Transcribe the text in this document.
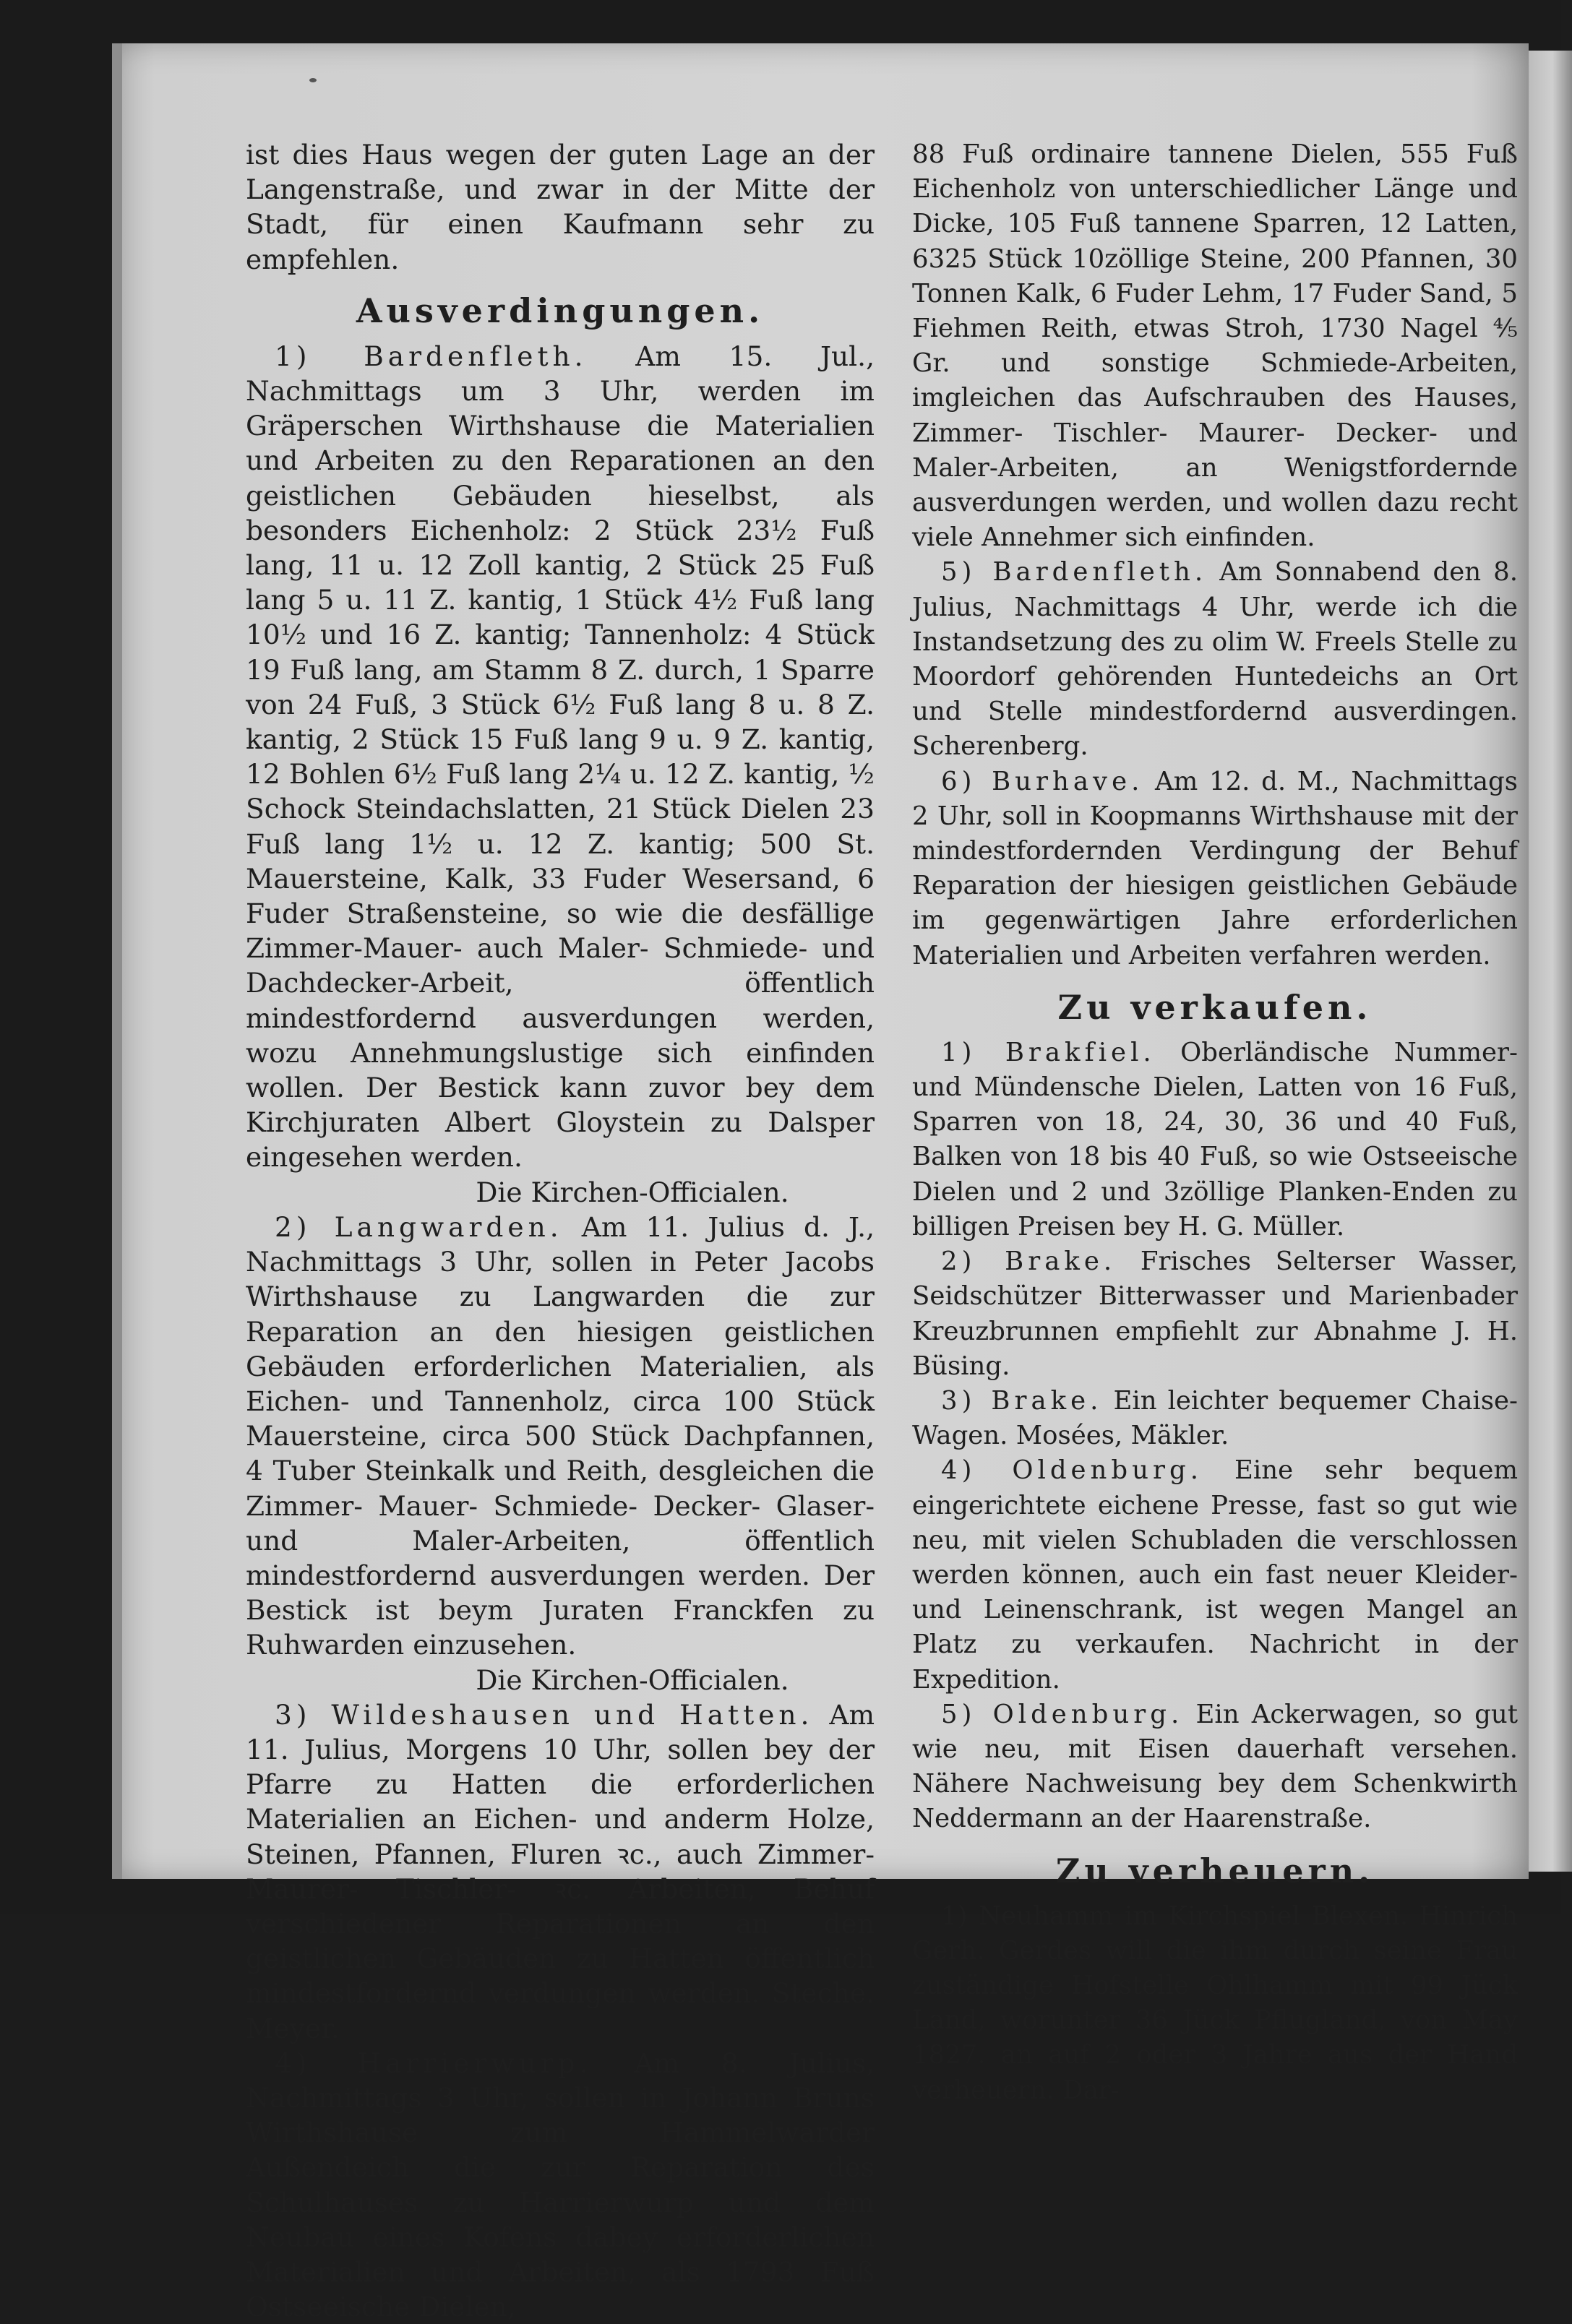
ist dies Haus wegen der guten Lage an der Langenstraße, und zwar in der Mitte der Stadt, für einen Kaufmann sehr zu empfehlen.

Ausverdingungen.

1) Bardenfleth. Am 15. Jul., Nachmittags um 3 Uhr, werden im Gräperschen Wirthshause die Materialien und Arbeiten zu den Reparationen an den geistlichen Gebäuden hieselbst, als besonders Eichenholz: 2 Stück 23½ Fuß lang, 11 u. 12 Zoll kantig, 2 Stück 25 Fuß lang 5 u. 11 Z. kantig, 1 Stück 4½ Fuß lang 10½ und 16 Z. kantig; Tannenholz: 4 Stück 19 Fuß lang, am Stamm 8 Z. durch, 1 Sparre von 24 Fuß, 3 Stück 6½ Fuß lang 8 u. 8 Z. kantig, 2 Stück 15 Fuß lang 9 u. 9 Z. kantig, 12 Bohlen 6½ Fuß lang 2¼ u. 12 Z. kantig, ½ Schock Steindachslatten, 21 Stück Dielen 23 Fuß lang 1½ u. 12 Z. kantig; 500 St. Mauersteine, Kalk, 33 Fuder Wesersand, 6 Fuder Straßensteine, so wie die desfällige Zimmer-Mauer- auch Maler- Schmiede- und Dachdecker-Arbeit, öffentlich mindestfordernd ausverdungen werden, wozu Annehmungslustige sich einfinden wollen. Der Bestick kann zuvor bey dem Kirchjuraten Albert Gloystein zu Dalsper eingesehen werden.

Die Kirchen-Officialen.

2) Langwarden. Am 11. Julius d. J., Nachmittags 3 Uhr, sollen in Peter Jacobs Wirthshause zu Langwarden die zur Reparation an den hiesigen geistlichen Gebäuden erforderlichen Materialien, als Eichen- und Tannenholz, circa 100 Stück Mauersteine, circa 500 Stück Dachpfannen, 4 Tuber Steinkalk und Reith, desgleichen die Zimmer- Mauer- Schmiede- Decker- Glaser- und Maler-Arbeiten, öffentlich mindestfordernd ausverdungen werden. Der Bestick ist beym Juraten Franckfen zu Ruhwarden einzusehen.

Die Kirchen-Officialen.

3) Wildeshausen und Hatten. Am 11. Julius, Morgens 10 Uhr, sollen bey der Pfarre zu Hatten die erforderlichen Materialien an Eichen- und anderm Holze, Steinen, Pfannen, Fluren ꝛc., auch Zimmer- Maurer- Tischler- ꝛc. Arbeiten, Behuf verschiedener Reparationen an den geistlichen Gebäuden zu Hatten öffentlich mindestfordernd verdungen werden. Steche. Meyer.

4) Harrierwurp. Am 8. Julius, Nachmittags 3 Uhr, sollen in Johann Bruns Wirthshause zum Hammelwarder Außendeich die zur Reparation des Schulhauses zu Harrierwurp und dem Neubau eines Kofens dabey erforderlichen Materialien und Arbeiten, als 1793 Fuß Ostseeische Dielen,

88 Fuß ordinaire tannene Dielen, 555 Fuß Eichenholz von unterschiedlicher Länge und Dicke, 105 Fuß tannene Sparren, 12 Latten, 6325 Stück 10zöllige Steine, 200 Pfannen, 30 Tonnen Kalk, 6 Fuder Lehm, 17 Fuder Sand, 5 Fiehmen Reith, etwas Stroh, 1730 Nagel ⅘ Gr. und sonstige Schmiede-Arbeiten, imgleichen das Aufschrauben des Hauses, Zimmer- Tischler- Maurer- Decker- und Maler-Arbeiten, an Wenigstfordernde ausverdungen werden, und wollen dazu recht viele Annehmer sich einfinden.

5) Bardenfleth. Am Sonnabend den 8. Julius, Nachmittags 4 Uhr, werde ich die Instandsetzung des zu olim W. Freels Stelle zu Moordorf gehörenden Huntedeichs an Ort und Stelle mindestfordernd ausverdingen. Scherenberg.

6) Burhave. Am 12. d. M., Nachmittags 2 Uhr, soll in Koopmanns Wirthshause mit der mindestfordernden Verdingung der Behuf Reparation der hiesigen geistlichen Gebäude im gegenwärtigen Jahre erforderlichen Materialien und Arbeiten verfahren werden.

Zu verkaufen.

1) Brakfiel. Oberländische Nummer- und Mündensche Dielen, Latten von 16 Fuß, Sparren von 18, 24, 30, 36 und 40 Fuß, Balken von 18 bis 40 Fuß, so wie Ostseeische Dielen und 2 und 3zöllige Planken-Enden zu billigen Preisen bey H. G. Müller.

2) Brake. Frisches Selterser Wasser, Seidschützer Bitterwasser und Marienbader Kreuzbrunnen empfiehlt zur Abnahme J. H. Büsing.

3) Brake. Ein leichter bequemer Chaise-Wagen. Mosées, Mäkler.

4) Oldenburg. Eine sehr bequem eingerichtete eichene Presse, fast so gut wie neu, mit vielen Schubladen die verschlossen werden können, auch ein fast neuer Kleider- und Leinenschrank, ist wegen Mangel an Platz zu verkaufen. Nachricht in der Expedition.

5) Oldenburg. Ein Ackerwagen, so gut wie neu, mit Eisen dauerhaft versehen. Nähere Nachweisung bey dem Schenkwirth Neddermann an der Haarenstraße.

Zu verheuern.

1) Neuhamm im Kirchspiel Blexen. Hinrich Gerh. Gerdes will die ihm durch seine Frau zuständige Hofstelle Ohlhamm mit 99 Jück Land, worunter 36 Jück Pflugland, von May 1827. an auf 2 oder 3 Jahre aus der Hand verheuern. Dar-
